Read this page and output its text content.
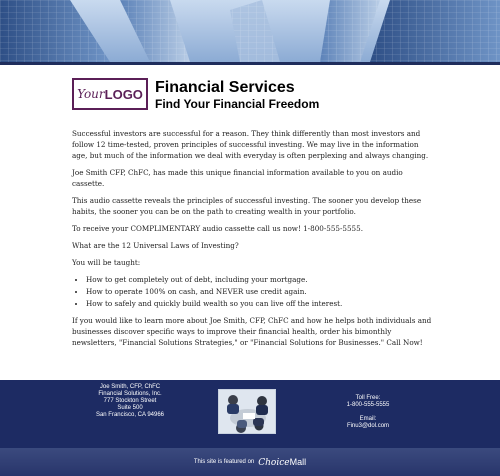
Your LOGO Financial Services
Find Your Financial Freedom

Successful investors are successful for a reason. They think differently than most investors and follow 12 time-tested, proven principles of successful investing. We may live in the information age, but much of the information we deal with everyday is often perplexing and always changing.

Joe Smith CFP, ChFC, has made this unique financial information available to you on audio cassette.

This audio cassette reveals the principles of successful investing. The sooner you develop these habits, the sooner you can be on the path to creating wealth in your portfolio.

To receive your COMPLIMENTARY audio cassette call us now! 1-800-555-5555.

What are the 12 Universal Laws of Investing?

You will be taught:

• How to get completely out of debt, including your mortgage.
• How to operate 100% on cash, and NEVER use credit again.
• How to safely and quickly build wealth so you can live off the interest.

If you would like to learn more about Joe Smith, CFP, ChFC and how he helps both individuals and businesses discover specific ways to improve their financial health, order his bimonthly newsletters, "Financial Solutions Strategies," or "Financial Solutions for Businesses." Call Now!

Joe Smith, CFP, ChFC
Financial Solutions, Inc.
777 Stockton Street
Suite 500
San Francisco, CA 94966
Toll Free:
1-800-555-5555
Email:
Finu3@dol.com
This site is featured on Choice Mall
